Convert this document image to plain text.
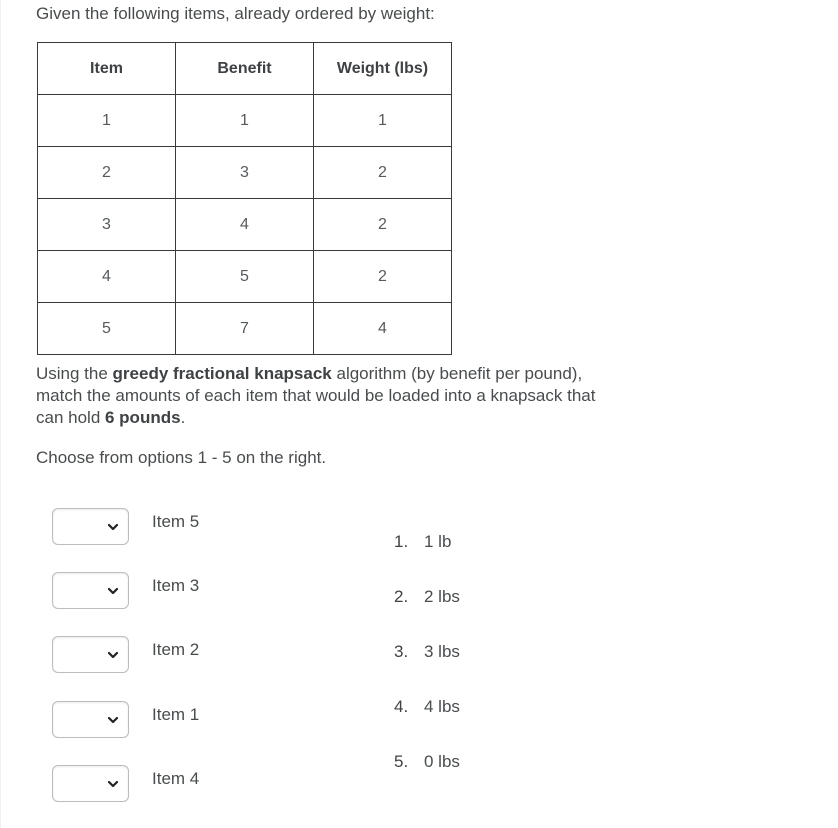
Given the following items, already ordered by weight:
Item	Benefit	Weight (lbs)
1	1	1
2	3	2
3	4	2
4	5	2
5	7	4
Using the greedy fractional knapsack algorithm (by benefit per pound), match the amounts of each item that would be loaded into a knapsack that can hold 6 pounds.
Choose from options 1 - 5 on the right.
Item 5
Item 3
Item 2
Item 1
Item 4
1. 1 lb
2. 2 lbs
3. 3 lbs
4. 4 lbs
5. 0 lbs
